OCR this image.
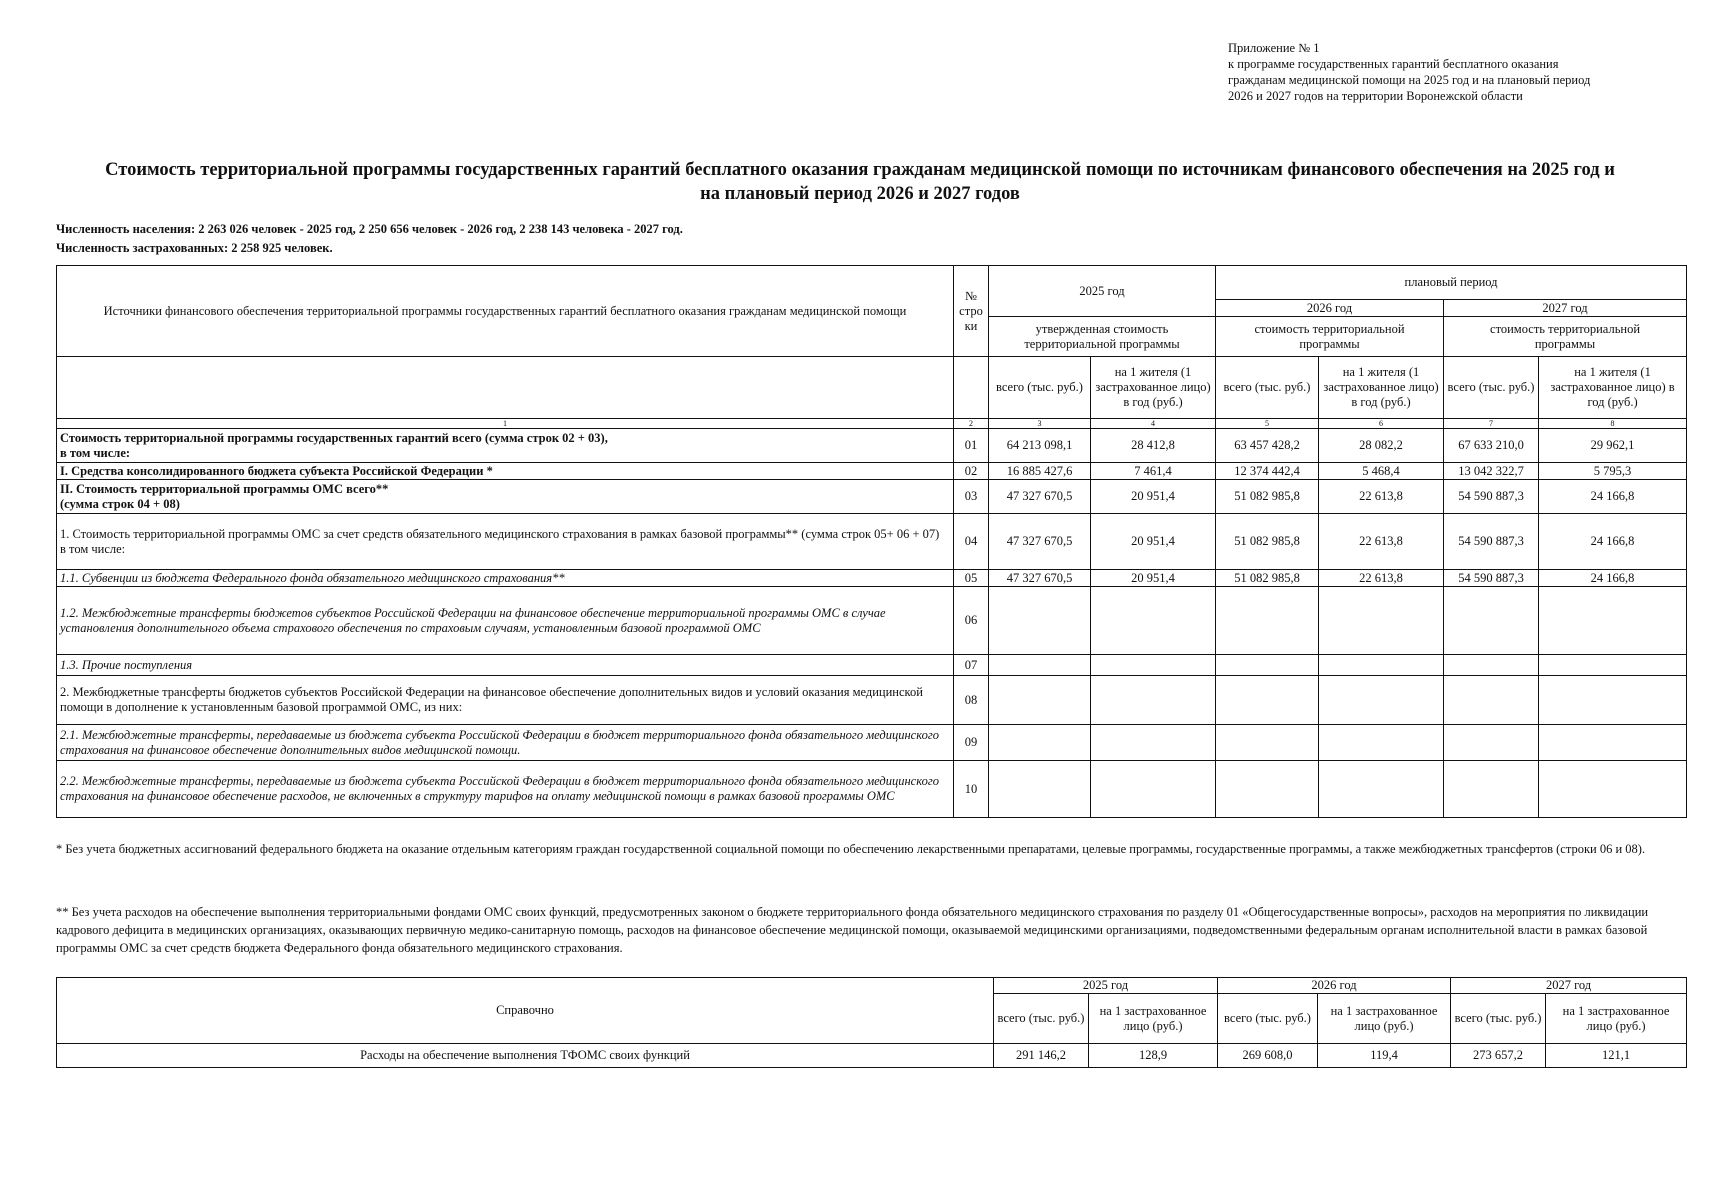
Приложение № 1
к программе государственных гарантий бесплатного оказания
гражданам медицинской помощи на 2025 год и на плановый период
2026 и 2027 годов на территории Воронежской области
Стоимость территориальной программы государственных гарантий бесплатного оказания гражданам медицинской помощи по источникам финансового обеспечения на 2025 год и
на плановый период 2026 и 2027 годов
Численность населения: 2 263 026 человек - 2025 год, 2 250 656 человек - 2026 год, 2 238 143 человека - 2027 год.
Численность застрахованных: 2 258 925 человек.
Источники финансового обеспечения территориальной программы государственных гарантий бесплатного оказания гражданам медицинской помощи	№ стро ки	2025 год		плановый период			
				2026 год		2027 год	
		утвержденная стоимость территориальной программы		стоимость территориальной программы		стоимость территориальной программы	
		всего (тыс. руб.)	на 1 жителя (1 застрахованное лицо) в год (руб.)	всего (тыс. руб.)	на 1 жителя (1 застрахованное лицо) в год (руб.)	всего (тыс. руб.)	на 1 жителя (1 застрахованное лицо) в год (руб.)
1	2	3	4	5	6	7	8

Стоимость территориальной программы государственных гарантий всего (сумма строк 02 + 03),
в том числе:	01	64 213 098,1	28 412,8	63 457 428,2	28 082,2	67 633 210,0	29 962,1

I. Средства консолидированного бюджета субъекта Российской Федерации *	02	16 885 427,6	7 461,4	12 374 442,4	5 468,4	13 042 322,7	5 795,3

II. Стоимость территориальной программы ОМС всего**
(сумма строк 04 + 08)	03	47 327 670,5	20 951,4	51 082 985,8	22 613,8	54 590 887,3	24 166,8

1. Стоимость территориальной программы ОМС за счет средств обязательного медицинского страхования в рамках базовой программы** (сумма строк 05+ 06 + 07)
в том числе:	04	47 327 670,5	20 951,4	51 082 985,8	22 613,8	54 590 887,3	24 166,8

1.1. Субвенции из бюджета Федерального фонда обязательного медицинского страхования**	05	47 327 670,5	20 951,4	51 082 985,8	22 613,8	54 590 887,3	24 166,8

1.2. Межбюджетные трансферты бюджетов субъектов Российской Федерации на финансовое обеспечение территориальной программы ОМС в случае установления дополнительного объема страхового обеспечения по страховым случаям, установленным базовой программой ОМС	06						

1.3. Прочие поступления	07						

2. Межбюджетные трансферты бюджетов субъектов Российской Федерации на финансовое обеспечение дополнительных видов и условий оказания медицинской помощи в дополнение к установленным базовой программой ОМС, из них:	08						

2.1. Межбюджетные трансферты, передаваемые из бюджета субъекта Российской Федерации в бюджет территориального фонда обязательного медицинского страхования на финансовое обеспечение дополнительных видов медицинской помощи.	09						

2.2. Межбюджетные трансферты, передаваемые из бюджета субъекта Российской Федерации в бюджет территориального фонда обязательного медицинского страхования на финансовое обеспечение расходов, не включенных в структуру тарифов на оплату медицинской помощи в рамках базовой программы ОМС	10						
* Без учета бюджетных ассигнований федерального бюджета на оказание отдельным категориям граждан государственной социальной помощи по обеспечению лекарственными препаратами, целевые программы, государственные программы, а также межбюджетных трансфертов (строки 06 и 08).
** Без учета расходов на обеспечение выполнения территориальными фондами ОМС своих функций, предусмотренных законом о бюджете территориального фонда обязательного медицинского страхования по разделу 01 «Общегосударственные вопросы», расходов на мероприятия по ликвидации кадрового дефицита в медицинских организациях, оказывающих первичную медико-санитарную помощь, расходов на финансовое обеспечение медицинской помощи, оказываемой медицинскими организациями, подведомственными федеральным органам исполнительной власти в рамках базовой программы ОМС за счет средств бюджета Федерального фонда обязательного медицинского страхования.
Справочно	2025 год		2026 год		2027 год	
	всего (тыс. руб.)	на 1 застрахованное лицо (руб.)	всего (тыс. руб.)	на 1 застрахованное лицо (руб.)	всего (тыс. руб.)	на 1 застрахованное лицо (руб.)
Расходы на обеспечение выполнения ТФОМС своих функций	291 146,2	128,9	269 608,0	119,4	273 657,2	121,1
